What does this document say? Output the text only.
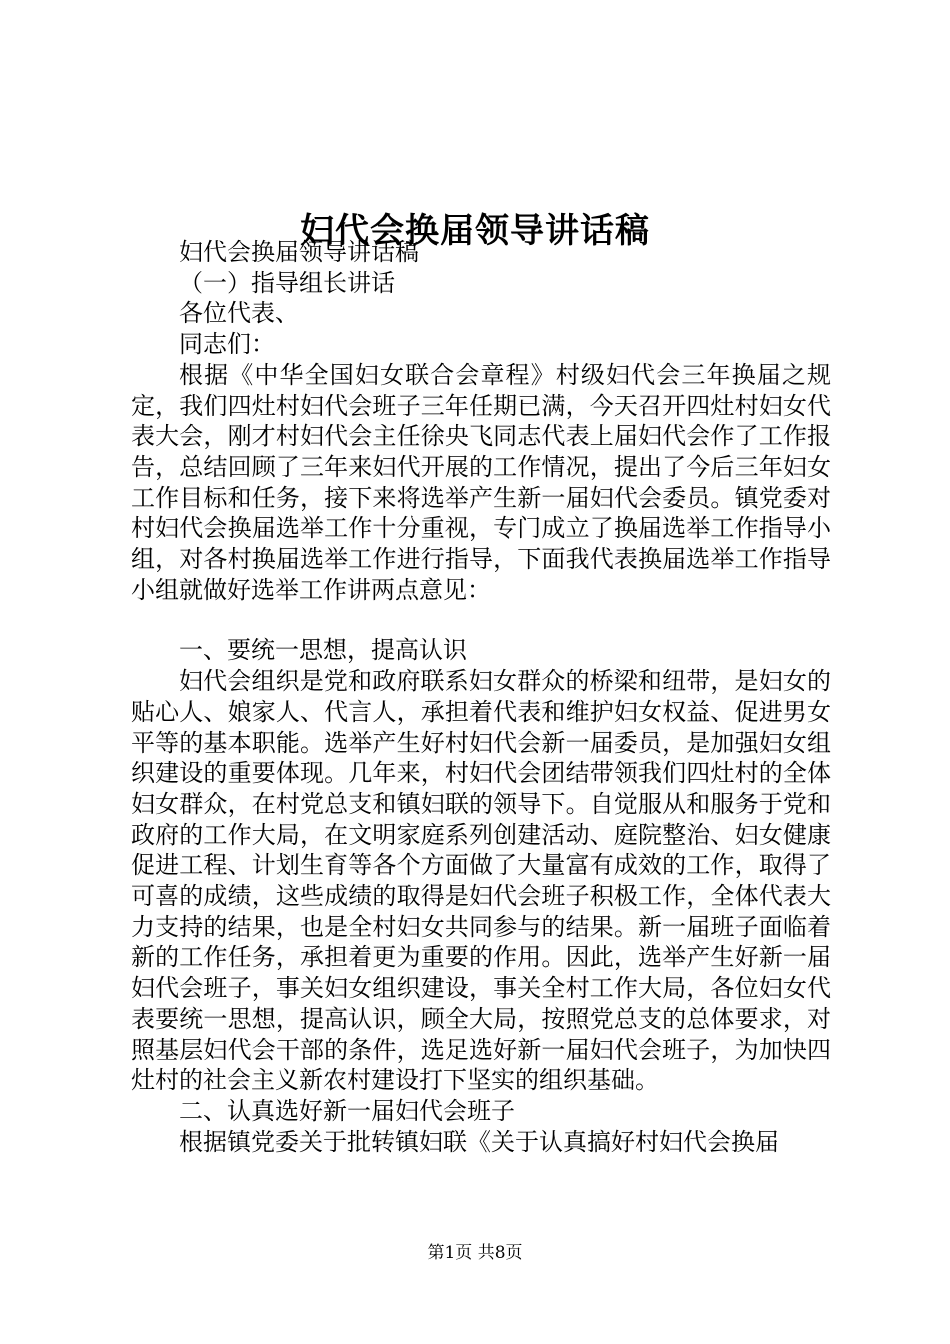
妇代会换届领导讲话稿

妇代会换届领导讲话稿

（一）指导组长讲话

各位代表、

同志们：

根据《中华全国妇女联合会章程》村级妇代会三年换届之规定，我们四灶村妇代会班子三年任期已满，今天召开四灶村妇女代表大会，刚才村妇代会主任徐央飞同志代表上届妇代会作了工作报告，总结回顾了三年来妇代开展的工作情况，提出了今后三年妇女工作目标和任务，接下来将选举产生新一届妇代会委员。镇党委对村妇代会换届选举工作十分重视，专门成立了换届选举工作指导小组，对各村换届选举工作进行指导，下面我代表换届选举工作指导小组就做好选举工作讲两点意见：

一、要统一思想，提高认识

妇代会组织是党和政府联系妇女群众的桥梁和纽带，是妇女的贴心人、娘家人、代言人，承担着代表和维护妇女权益、促进男女平等的基本职能。选举产生好村妇代会新一届委员，是加强妇女组织建设的重要体现。几年来，村妇代会团结带领我们四灶村的全体妇女群众，在村党总支和镇妇联的领导下。自觉服从和服务于党和政府的工作大局，在文明家庭系列创建活动、庭院整治、妇女健康促进工程、计划生育等各个方面做了大量富有成效的工作，取得了可喜的成绩，这些成绩的取得是妇代会班子积极工作，全体代表大力支持的结果，也是全村妇女共同参与的结果。新一届班子面临着新的工作任务，承担着更为重要的作用。因此，选举产生好新一届妇代会班子，事关妇女组织建设，事关全村工作大局，各位妇女代表要统一思想，提高认识，顾全大局，按照党总支的总体要求，对照基层妇代会干部的条件，选足选好新一届妇代会班子，为加快四灶村的社会主义新农村建设打下坚实的组织基础。

二、认真选好新一届妇代会班子

根据镇党委关于批转镇妇联《关于认真搞好村妇代会换届

第1页 共8页
